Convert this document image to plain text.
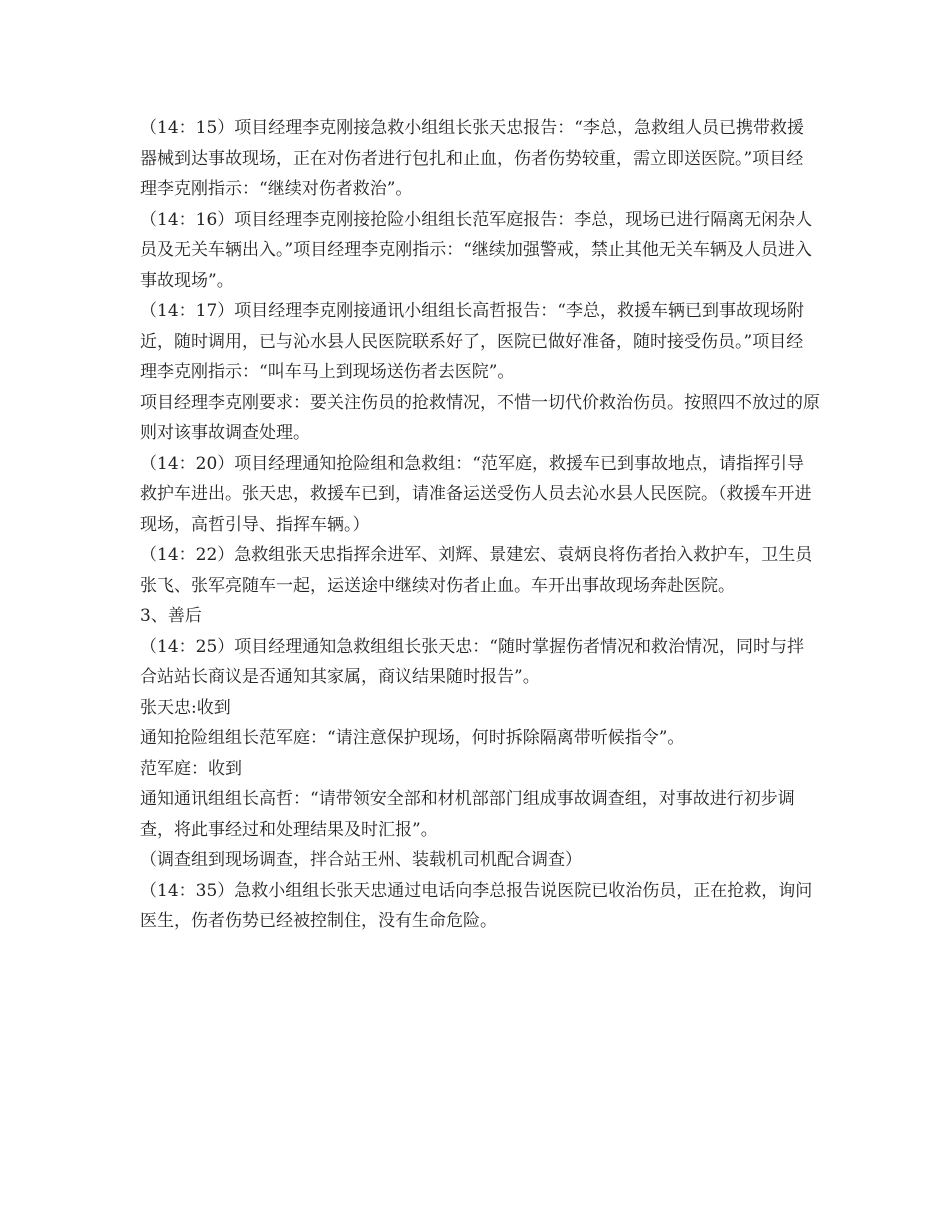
（14：15）项目经理李克刚接急救小组组长张天忠报告：“李总，急救组人员已携带救援器械到达事故现场，正在对伤者进行包扎和止血，伤者伤势较重，需立即送医院。”项目经理李克刚指示：“继续对伤者救治”。

（14：16）项目经理李克刚接抢险小组组长范军庭报告：李总，现场已进行隔离无闲杂人员及无关车辆出入。”项目经理李克刚指示：“继续加强警戒，禁止其他无关车辆及人员进入事故现场”。

（14：17）项目经理李克刚接通讯小组组长高哲报告：“李总，救援车辆已到事故现场附近，随时调用，已与沁水县人民医院联系好了，医院已做好准备，随时接受伤员。”项目经理李克刚指示：“叫车马上到现场送伤者去医院”。

项目经理李克刚要求：要关注伤员的抢救情况，不惜一切代价救治伤员。按照四不放过的原则对该事故调查处理。

（14：20）项目经理通知抢险组和急救组：“范军庭，救援车已到事故地点，请指挥引导救护车进出。张天忠，救援车已到，请准备运送受伤人员去沁水县人民医院。（救援车开进现场，高哲引导、指挥车辆。）

（14：22）急救组张天忠指挥余进军、刘辉、景建宏、袁炳良将伤者抬入救护车，卫生员张飞、张军亮随车一起，运送途中继续对伤者止血。车开出事故现场奔赴医院。

3、善后

（14：25）项目经理通知急救组组长张天忠：“随时掌握伤者情况和救治情况，同时与拌合站站长商议是否通知其家属，商议结果随时报告”。

张天忠:收到

通知抢险组组长范军庭：“请注意保护现场，何时拆除隔离带听候指令”。

范军庭：收到

通知通讯组组长高哲：“请带领安全部和材机部部门组成事故调查组，对事故进行初步调查，将此事经过和处理结果及时汇报”。

（调查组到现场调查，拌合站王州、装载机司机配合调查）

（14：35）急救小组组长张天忠通过电话向李总报告说医院已收治伤员，正在抢救，询问医生，伤者伤势已经被控制住，没有生命危险。
